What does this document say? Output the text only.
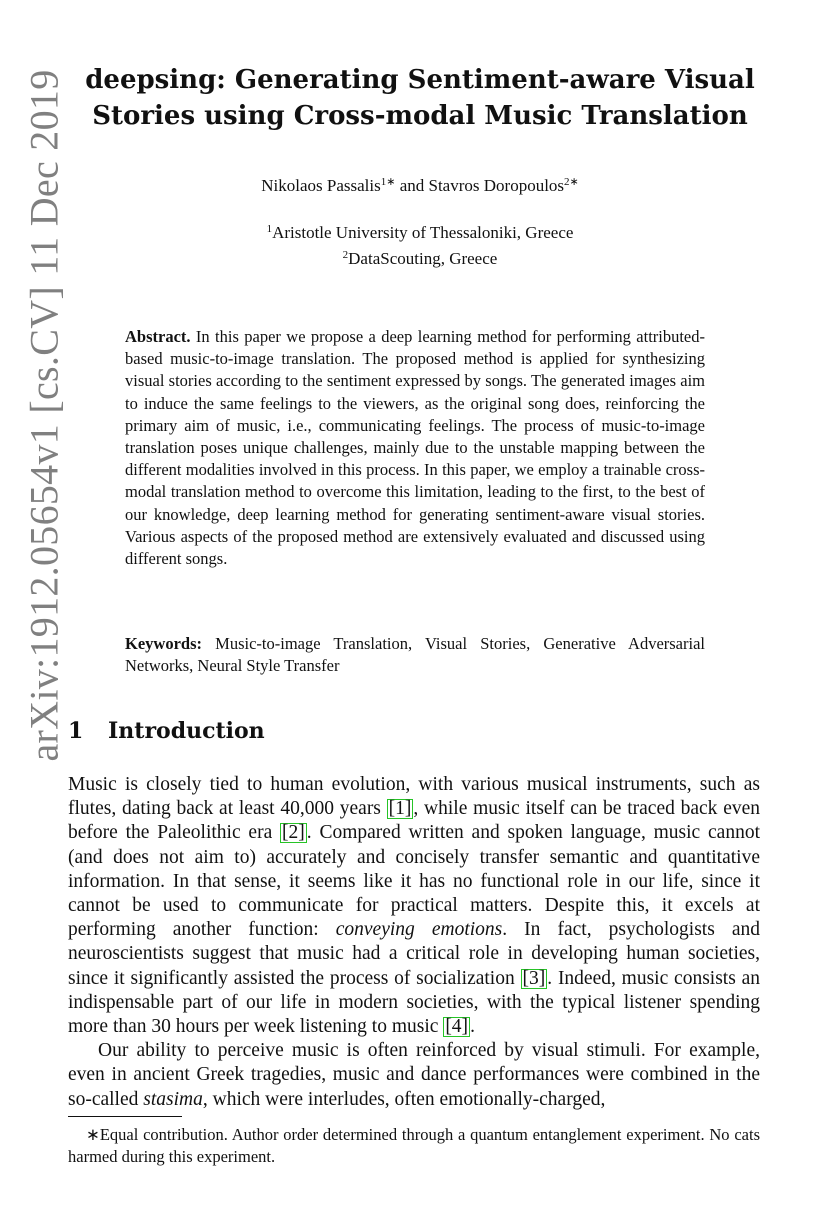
arXiv:1912.05654v1 [cs.CV] 11 Dec 2019 deepsing: Generating Sentiment-aware Visual Stories using Cross-modal Music Translation
Nikolaos Passalis$^{1∗}$ and Stavros Doropoulos$^{2∗}$
$^1$Aristotle University of Thessaloniki, Greece
$^2$DataScouting, Greece
Abstract. In this paper we propose a deep learning method for performing attributed-based music-to-image translation. The proposed method is applied for synthesizing visual stories according to the sentiment expressed by songs. The generated images aim to induce the same feelings to the viewers, as the original song does, reinforcing the primary aim of music, i.e., communicating feelings. The process of music-to-image translation poses unique challenges, mainly due to the unstable mapping between the different modalities involved in this process. In this paper, we employ a trainable cross-modal translation method to overcome this limitation, leading to the first, to the best of our knowledge, deep learning method for generating sentiment-aware visual stories. Various aspects of the proposed method are extensively evaluated and discussed using different songs.
Keywords: Music-to-image Translation, Visual Stories, Generative Adversarial Networks, Neural Style Transfer
1 Introduction

Music is closely tied to human evolution, with various musical instruments, such as flutes, dating back at least 40,000 years [1] , while music itself can be traced back even before the Paleolithic era [2] . Compared written and spoken language, music cannot (and does not aim to) accurately and concisely transfer semantic and quantitative information. In that sense, it seems like it has no functional role in our life, since it cannot be used to communicate for practical matters. Despite this, it excels at performing another function: conveying emotions. In fact, psychologists and neuroscientists suggest that music had a critical role in developing human societies, since it significantly assisted the process of socialization [3] . Indeed, music consists an indispensable part of our life in modern societies, with the typical listener spending more than 30 hours per week listening to music [4] .

Our ability to perceive music is often reinforced by visual stimuli. For example, even in ancient Greek tragedies, music and dance performances were combined in the so-called stasima, which were interludes, often emotionally-charged,

∗Equal contribution. Author order determined through a quantum entanglement experiment. No cats harmed during this experiment.
